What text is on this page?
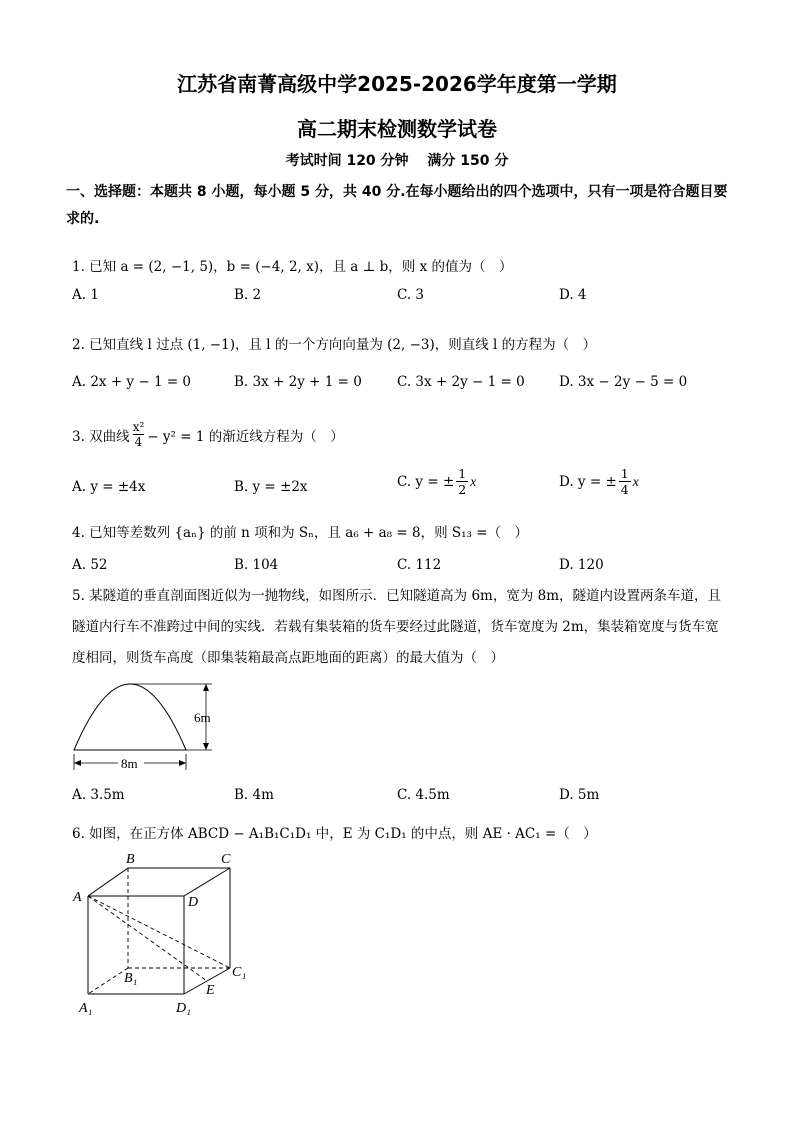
江苏省南菁高级中学2025-2026学年度第一学期
高二期末检测数学试卷
考试时间 120 分钟　 满分 150 分
一、选择题：本题共 8 小题，每小题 5 分，共 40 分.在每小题给出的四个选项中，只有一项是符合题目要求的.
1. 已知 a = (2, −1, 5)，b = (−4, 2, x)，且 a ⊥ b，则 x 的值为（　）
A. 1	B. 2	C. 3	D. 4
2. 已知直线 l 过点 (1, −1)，且 l 的一个方向向量为 (2, −3)，则直线 l 的方程为（　）
A. 2x + y − 1 = 0	B. 3x + 2y + 1 = 0	C. 3x + 2y − 1 = 0	D. 3x − 2y − 5 = 0
3. 双曲线 $\frac{\text{x²}}{4} - y^2 = 1$ 的渐近线方程为（　）
A. y = ±4x	B. y = ±2x	C. y = ± $\frac{1}{2}$ x	D. y = ± $\frac{1}{4}$ x
4. 已知等差数列 {aₙ} 的前 n 项和为 Sₙ，且 a₆ + a₈ = 8，则 S₁₃ =（　）
A. 52	B. 104	C. 112	D. 120
5. 某隧道的垂直剖面图近似为一抛物线，如图所示．已知隧道高为 6m，宽为 8m，隧道内设置两条车道，且隧道内行车不准跨过中间的实线．若载有集装箱的货车要经过此隧道，货车宽度为 2m，集装箱宽度与货车宽度相同，则货车高度（即集装箱最高点距地面的距离）的最大值为（　）
6m
8m
A. 3.5m	B. 4m	C. 4.5m	D. 5m
6. 如图，在正方体 ABCD − A₁B₁C₁D₁ 中，E 为 C₁D₁ 的中点，则 AE · AC₁ =（　）
A
B	C
D
A₁
B₁	C₁
D₁
E
